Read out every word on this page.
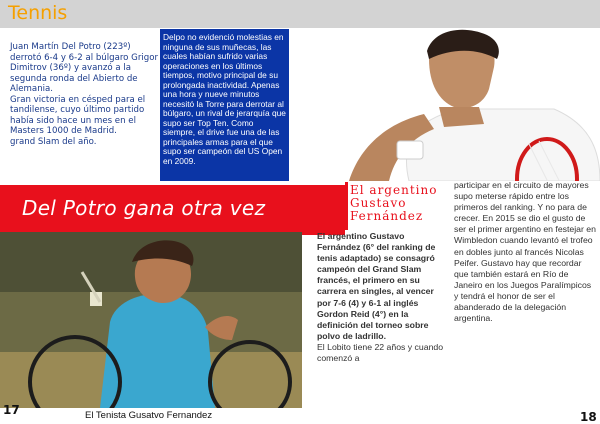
Tennis

Juan Martín Del Potro (223º) derrotó 6-4 y 6-2 al búlgaro Grigor Dimitrov (36º) y avanzó a la segunda ronda del Abierto de Alemania.

Gran victoria en césped para el tandilense, cuyo último partido había sido hace un mes en el Masters 1000 de Madrid.

grand Slam del año.

Delpo no evidenció molestias en ninguna de sus muñecas, las cuales habían sufrido varias operaciones en los últimos tiempos, motivo principal de su prolongada inactividad. Apenas una hora y nueve minutos necesitó la Torre para derrotar al búlgaro, un rival de jerarquía que supo ser Top Ten. Como siempre, el drive fue una de las principales armas para el que supo ser campeón del US Open en 2009.
Del Potro gana otra vez
El argentino Gustavo Fernández

El argentino Gustavo Fernández (6° del ranking de tenis adaptado) se consagró campeón del Grand Slam francés, el primero en su carrera en singles, al vencer por 7-6 (4) y 6-1 al inglés Gordon Reid (4°) en la definición del torneo sobre polvo de ladrillo.

El Lobito tiene 22 años y cuando comenzó a

participar en el circuito de mayores supo meterse rápido entre los primeros del ranking. Y no para de crecer. En 2015 se dio el gusto de ser el primer argentino en festejar en Wimbledon cuando levantó el trofeo en dobles junto al francés Nicolas Peifer. Gustavo hay que recordar que también estará en Río de Janeiro en los Juegos Paralímpicos y tendrá el honor de ser el abanderado de la delegación argentina.
El Tenista Gusatvo Fernandez
17	18
